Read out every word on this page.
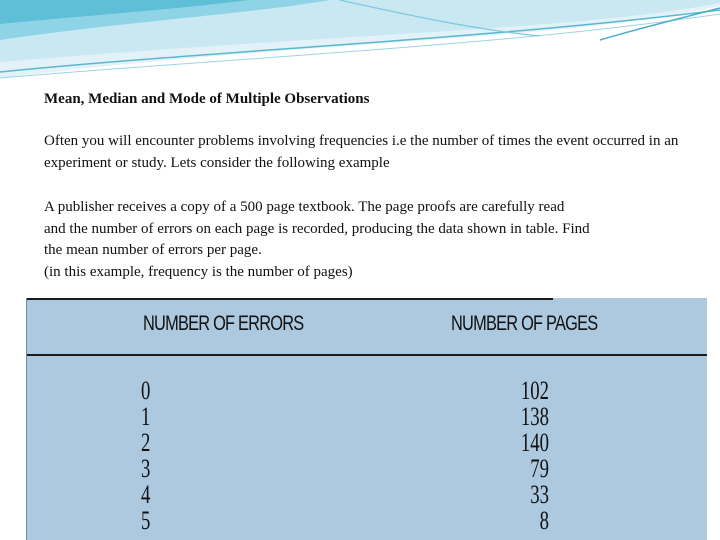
Mean, Median and Mode of Multiple Observations
Often you will encounter problems involving frequencies i.e the number of times the event occurred in an experiment or study. Lets consider the following example
A publisher receives a copy of a 500 page textbook. The page proofs are carefully read
and the number of errors on each page is recorded, producing the data shown in table. Find
the mean number of errors per page.
(in this example, frequency is the number of pages)
NUMBER OF ERRORS	NUMBER OF PAGES
0
1
2
3
4
5
102
138
140
79
33
8
